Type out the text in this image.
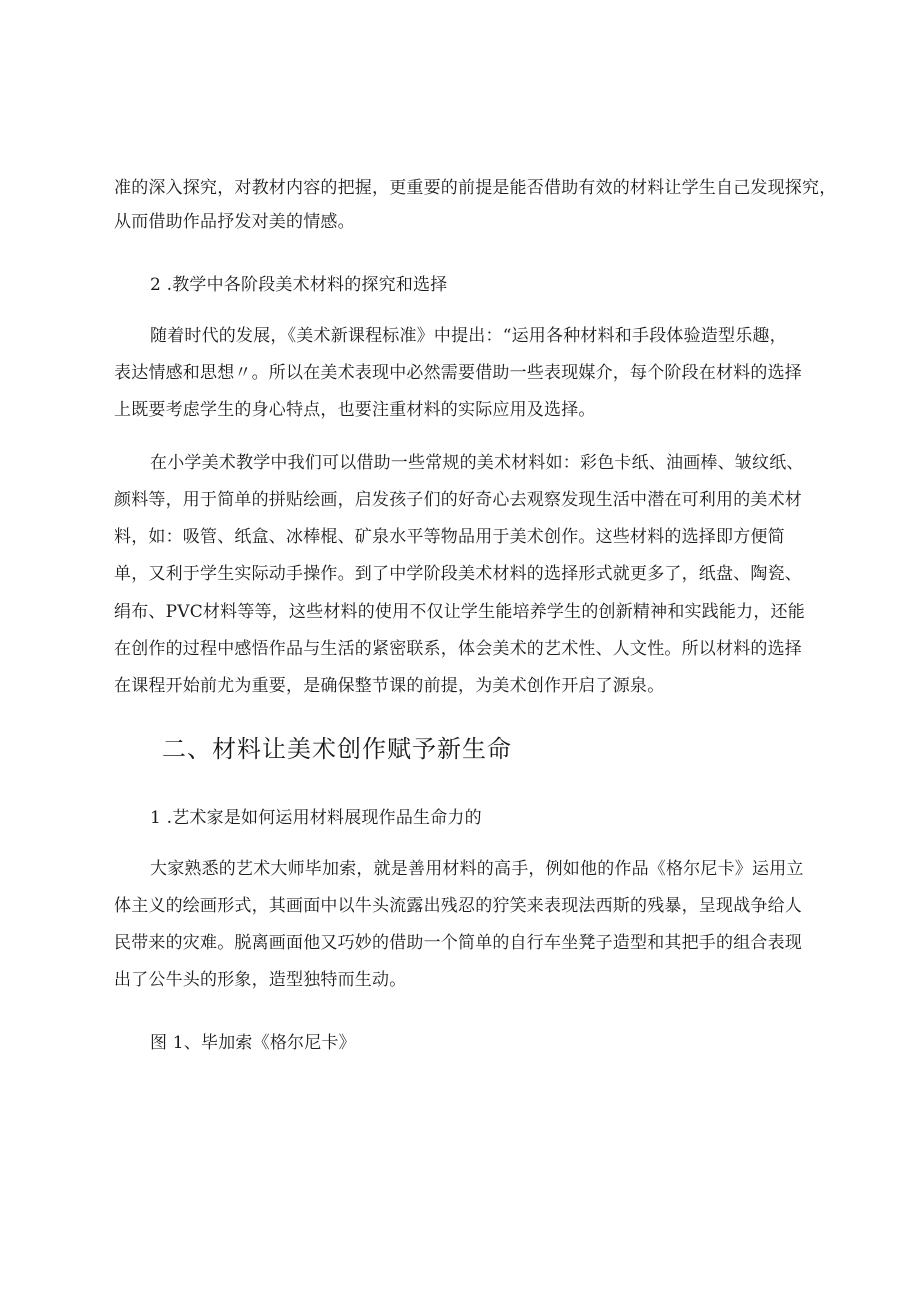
准的深入探究，对教材内容的把握，更重要的前提是能否借助有效的材料让学生自己发现探究，
从而借助作品抒发对美的情感。
2 .教学中各阶段美术材料的探究和选择
随着时代的发展，《美术新课程标准》中提出：“运用各种材料和手段体验造型乐趣，
表达情感和思想〃。所以在美术表现中必然需要借助一些表现媒介，每个阶段在材料的选择
上既要考虑学生的身心特点，也要注重材料的实际应用及选择。
在小学美术教学中我们可以借助一些常规的美术材料如：彩色卡纸、油画棒、皱纹纸、
颜料等，用于简单的拼贴绘画，启发孩子们的好奇心去观察发现生活中潜在可利用的美术材
料，如：吸管、纸盒、冰棒棍、矿泉水平等物品用于美术创作。这些材料的选择即方便简
单，又利于学生实际动手操作。到了中学阶段美术材料的选择形式就更多了，纸盘、陶瓷、
绢布、PVC材料等等，这些材料的使用不仅让学生能培养学生的创新精神和实践能力，还能
在创作的过程中感悟作品与生活的紧密联系，体会美术的艺术性、人文性。所以材料的选择
在课程开始前尤为重要，是确保整节课的前提，为美术创作开启了源泉。
二、材料让美术创作赋予新生命
1 .艺术家是如何运用材料展现作品生命力的
大家熟悉的艺术大师毕加索，就是善用材料的高手，例如他的作品《格尔尼卡》运用立
体主义的绘画形式，其画面中以牛头流露出残忍的狞笑来表现法西斯的残暴，呈现战争给人
民带来的灾难。脱离画面他又巧妙的借助一个简单的自行车坐凳子造型和其把手的组合表现
出了公牛头的形象，造型独特而生动。
图 1、毕加索《格尔尼卡》
